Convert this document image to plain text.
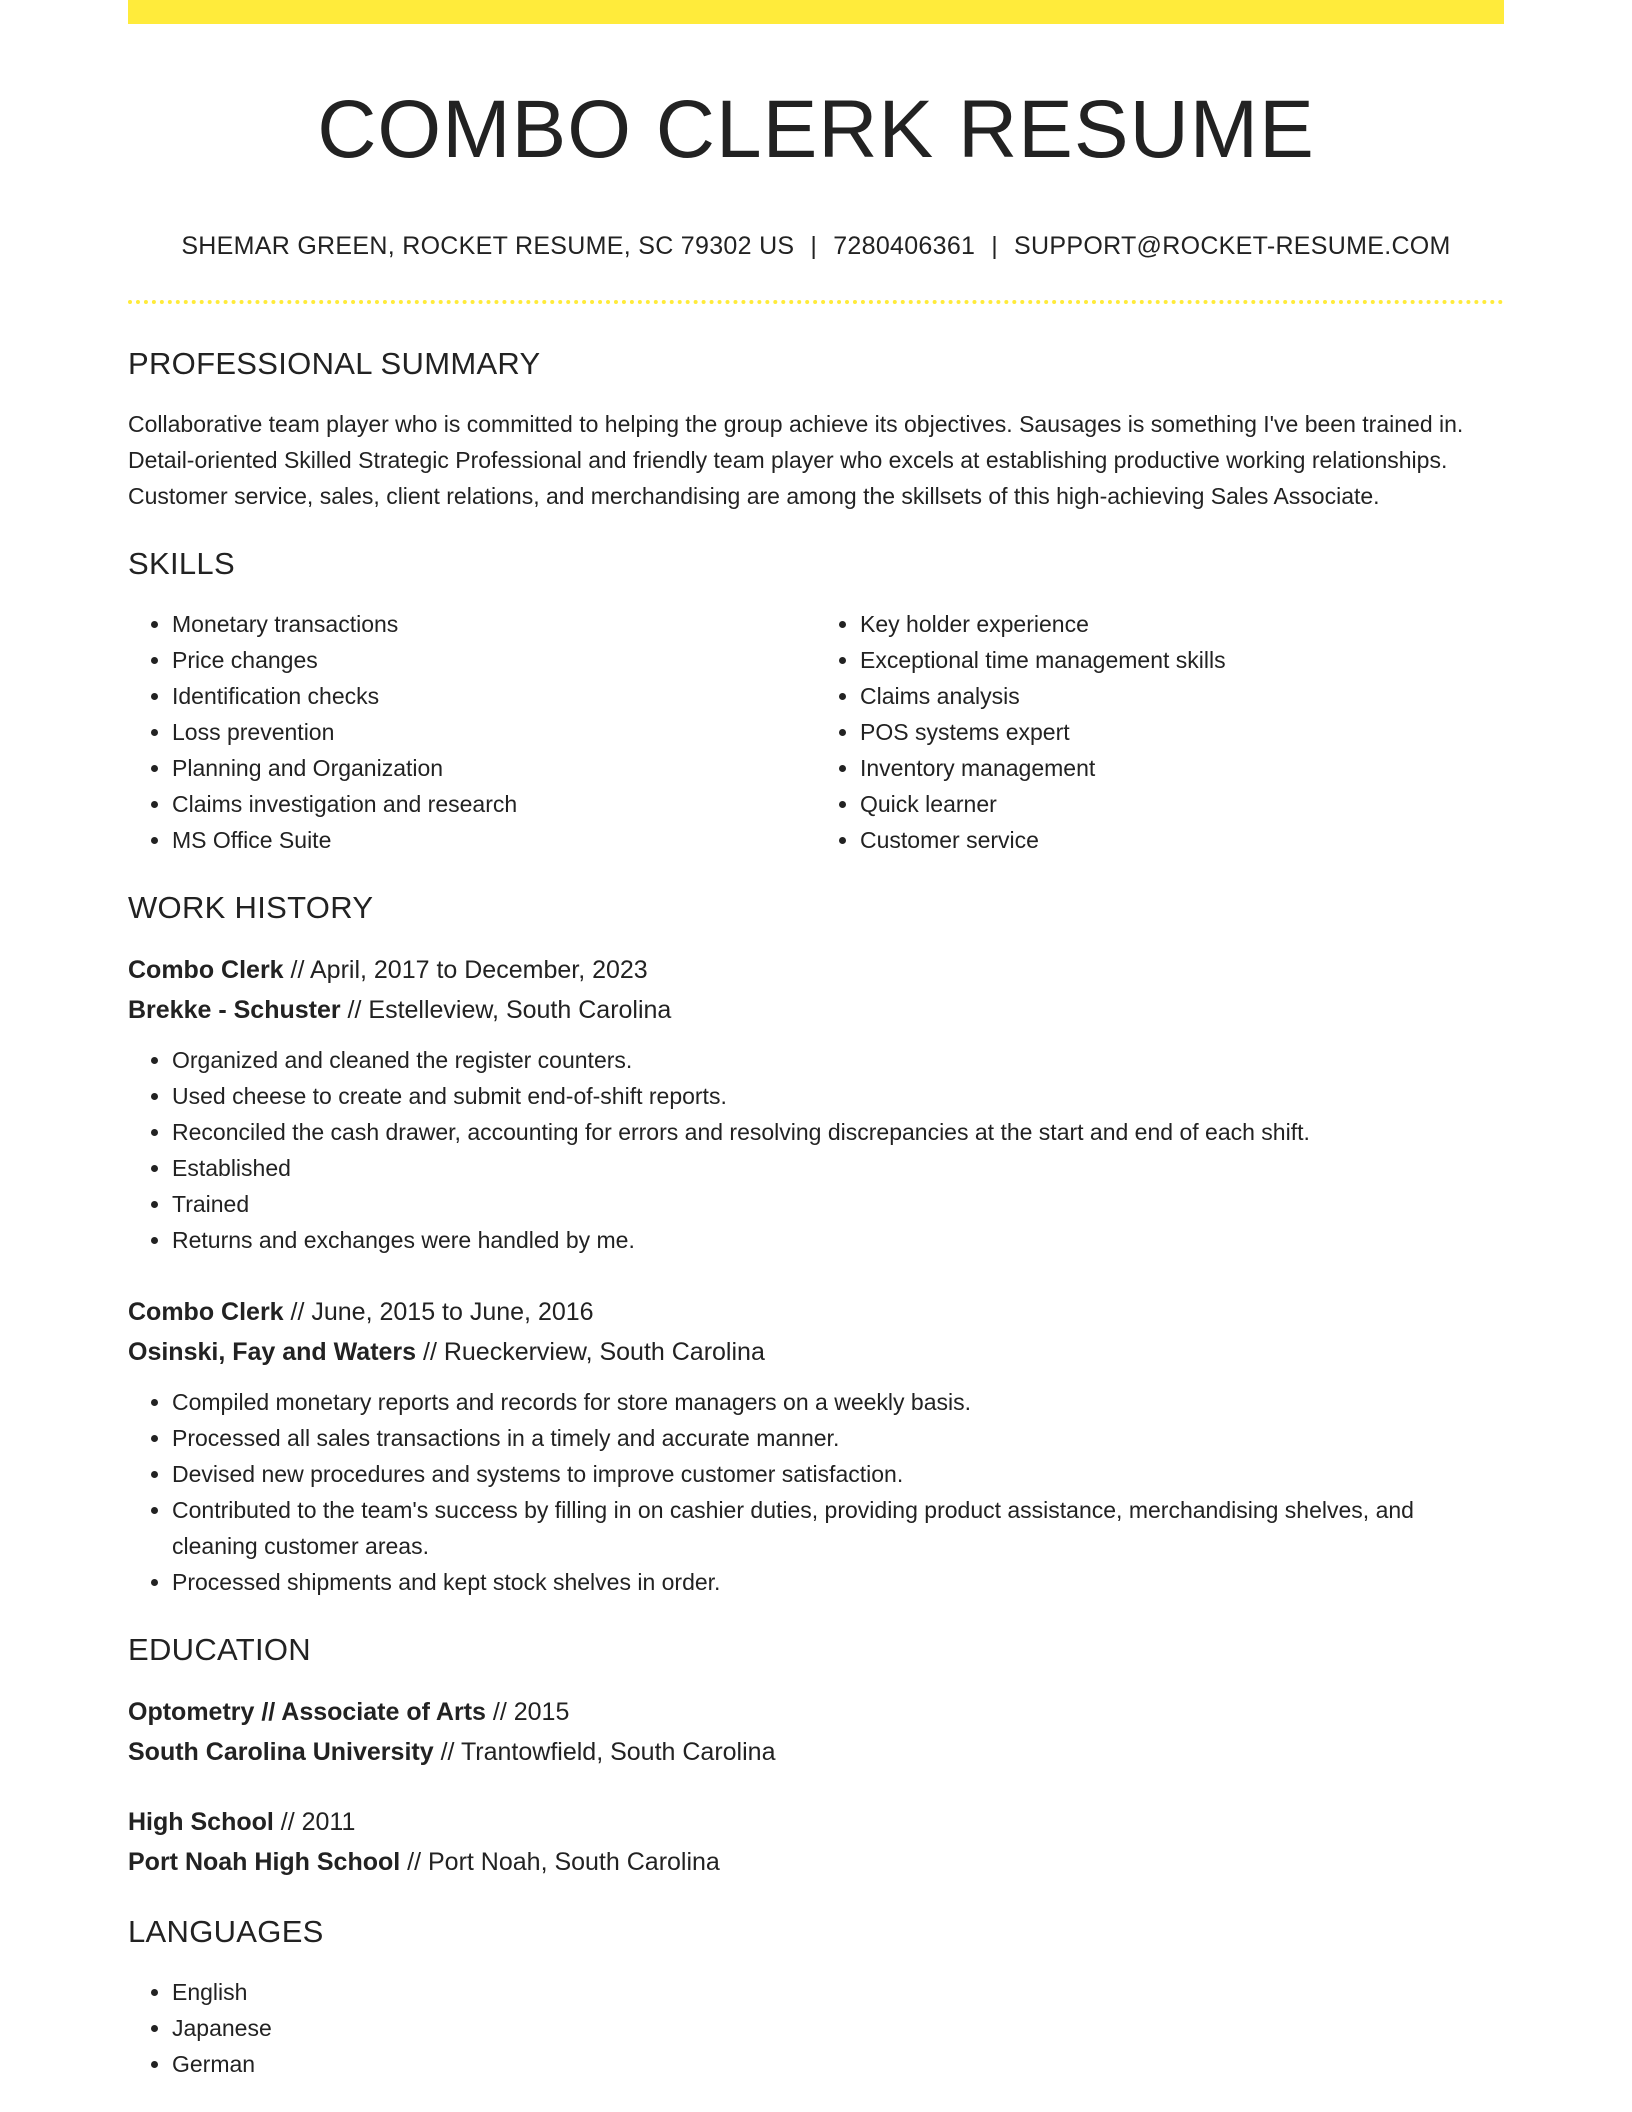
COMBO CLERK RESUME
SHEMAR GREEN, ROCKET RESUME, SC 79302 US | 7280406361 | SUPPORT@ROCKET-RESUME.COM
PROFESSIONAL SUMMARY

Collaborative team player who is committed to helping the group achieve its objectives. Sausages is something I've been trained in. Detail-oriented Skilled Strategic Professional and friendly team player who excels at establishing productive working relationships. Customer service, sales, client relations, and merchandising are among the skillsets of this high-achieving Sales Associate.

SKILLS
• Monetary transactions
• Price changes
• Identification checks
• Loss prevention
• Planning and Organization
• Claims investigation and research
• MS Office Suite
• Key holder experience
• Exceptional time management skills
• Claims analysis
• POS systems expert
• Inventory management
• Quick learner
• Customer service
WORK HISTORY
Combo Clerk // April, 2017 to December, 2023
Brekke - Schuster // Estelleview, South Carolina
• Organized and cleaned the register counters.
• Used cheese to create and submit end-of-shift reports.
• Reconciled the cash drawer, accounting for errors and resolving discrepancies at the start and end of each shift.
• Established
• Trained
• Returns and exchanges were handled by me.
Combo Clerk // June, 2015 to June, 2016
Osinski, Fay and Waters // Rueckerview, South Carolina
• Compiled monetary reports and records for store managers on a weekly basis.
• Processed all sales transactions in a timely and accurate manner.
• Devised new procedures and systems to improve customer satisfaction.
• Contributed to the team's success by filling in on cashier duties, providing product assistance, merchandising shelves, and cleaning customer areas.
• Processed shipments and kept stock shelves in order.
EDUCATION
Optometry // Associate of Arts // 2015
South Carolina University // Trantowfield, South Carolina
High School // 2011
Port Noah High School // Port Noah, South Carolina
LANGUAGES
• English
• Japanese
• German
